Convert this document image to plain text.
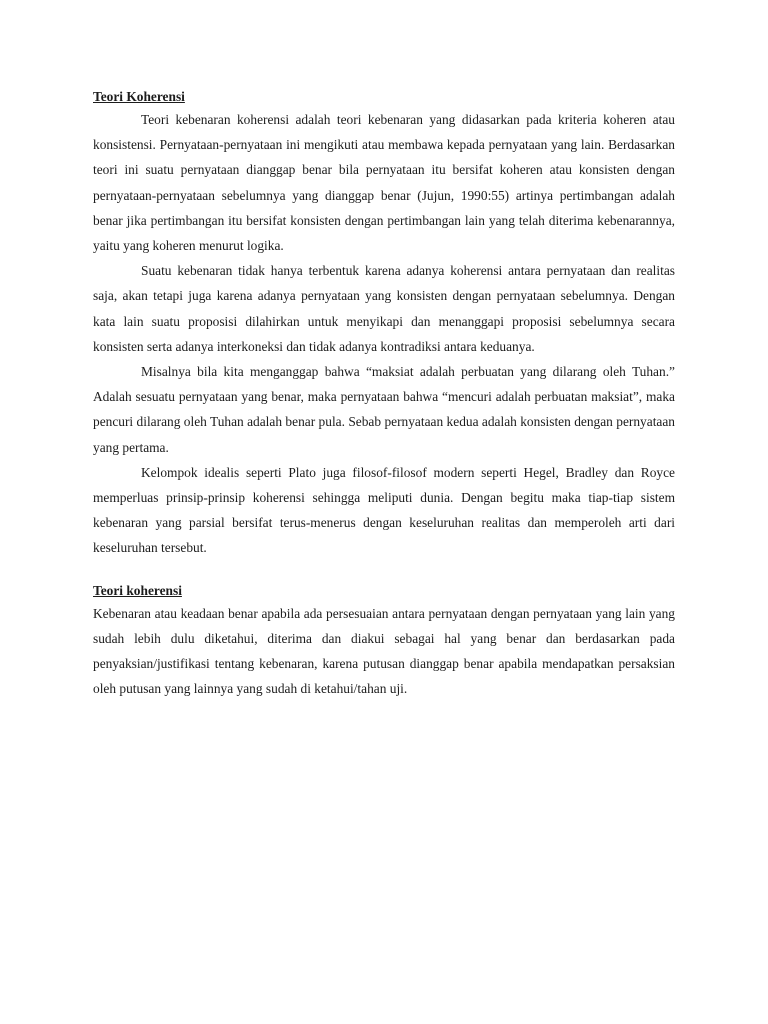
Teori Koherensi

Teori kebenaran koherensi adalah teori kebenaran yang didasarkan pada kriteria koheren atau konsistensi. Pernyataan-pernyataan ini mengikuti atau membawa kepada pernyataan yang lain. Berdasarkan teori ini suatu pernyataan dianggap benar bila pernyataan itu bersifat koheren atau konsisten dengan pernyataan-pernyataan sebelumnya yang dianggap benar (Jujun, 1990:55) artinya pertimbangan adalah benar jika pertimbangan itu bersifat konsisten dengan pertimbangan lain yang telah diterima kebenarannya, yaitu yang koheren menurut logika.

Suatu kebenaran tidak hanya terbentuk karena adanya koherensi antara pernyataan dan realitas saja, akan tetapi juga karena adanya pernyataan yang konsisten dengan pernyataan sebelumnya. Dengan kata lain suatu proposisi dilahirkan untuk menyikapi dan menanggapi proposisi sebelumnya secara konsisten serta adanya interkoneksi dan tidak adanya kontradiksi antara keduanya.

Misalnya bila kita menganggap bahwa “maksiat adalah perbuatan yang dilarang oleh Tuhan.” Adalah sesuatu pernyataan yang benar, maka pernyataan bahwa “mencuri adalah perbuatan maksiat”, maka pencuri dilarang oleh Tuhan adalah benar pula. Sebab pernyataan kedua adalah konsisten dengan pernyataan yang pertama.

Kelompok idealis seperti Plato juga filosof-filosof modern seperti Hegel, Bradley dan Royce memperluas prinsip-prinsip koherensi sehingga meliputi dunia. Dengan begitu maka tiap-tiap sistem kebenaran yang parsial bersifat terus-menerus dengan keseluruhan realitas dan memperoleh arti dari keseluruhan tersebut.

Teori koherensi

Kebenaran atau keadaan benar apabila ada persesuaian antara pernyataan dengan pernyataan yang lain yang sudah lebih dulu diketahui, diterima dan diakui sebagai hal yang benar dan berdasarkan pada penyaksian/justifikasi tentang kebenaran, karena putusan dianggap benar apabila mendapatkan persaksian oleh putusan yang lainnya yang sudah di ketahui/tahan uji.
